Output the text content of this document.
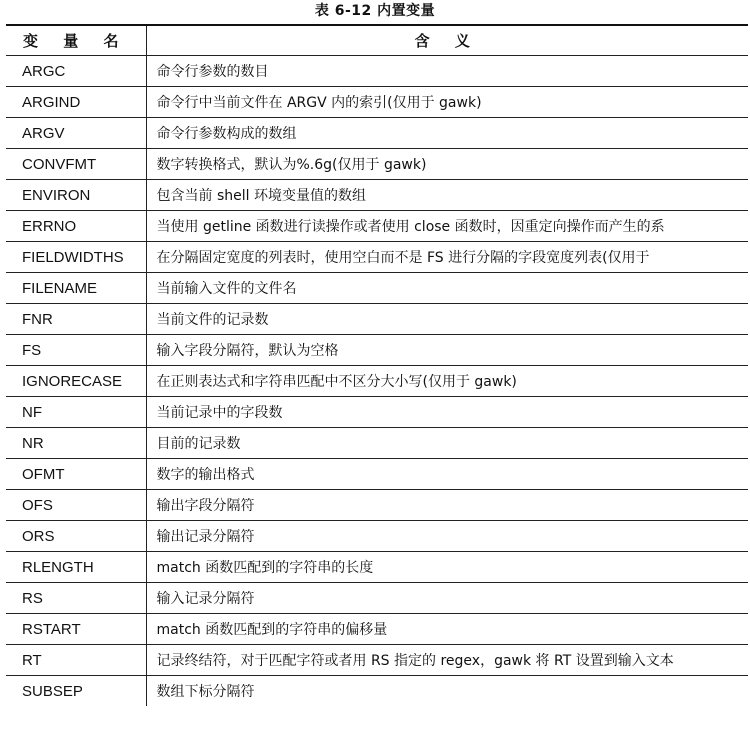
表 6-12 内置变量
变 量 名	含 义
ARGC	命令行参数的数目
ARGIND	命令行中当前文件在 ARGV 内的索引(仅用于 gawk)
ARGV	命令行参数构成的数组
CONVFMT	数字转换格式，默认为%.6g(仅用于 gawk)
ENVIRON	包含当前 shell 环境变量值的数组
ERRNO	当使用 getline 函数进行读操作或者使用 close 函数时，因重定向操作而产生的系
FIELDWIDTHS	在分隔固定宽度的列表时，使用空白而不是 FS 进行分隔的字段宽度列表(仅用于
FILENAME	当前输入文件的文件名
FNR	当前文件的记录数
FS	输入字段分隔符，默认为空格
IGNORECASE	在正则表达式和字符串匹配中不区分大小写(仅用于 gawk)
NF	当前记录中的字段数
NR	目前的记录数
OFMT	数字的输出格式
OFS	输出字段分隔符
ORS	输出记录分隔符
RLENGTH	match 函数匹配到的字符串的长度
RS	输入记录分隔符
RSTART	match 函数匹配到的字符串的偏移量
RT	记录终结符，对于匹配字符或者用 RS 指定的 regex，gawk 将 RT 设置到输入文本
SUBSEP	数组下标分隔符
